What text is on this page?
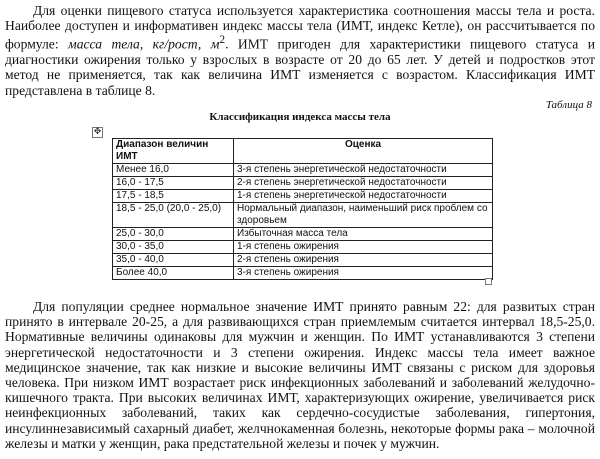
Для оценки пищевого статуса используется характеристика соотношения массы тела и роста. Наиболее доступен и информативен индекс массы тела (ИМТ, индекс Кетле), он рассчитывается по формуле: масса тела, кг/рост, $м^2$. ИМТ пригоден для характеристики пищевого статуса и диагностики ожирения только у взрослых в возрасте от 20 до 65 лет. У детей и подростков этот метод не применяется, так как величина ИМТ изменяется с возрастом. Классификация ИМТ представлена в таблице 8.

Таблица 8
Классификация индекса массы тела
✥
Диапазон величин ИМТ	Оценка
Менее 16,0	3-я степень энергетической недостаточности
16,0 - 17,5	2-я степень энергетической недостаточности
17,5 - 18,5	1-я степень энергетической недостаточности
18,5 - 25,0 (20,0 - 25,0)	Нормальный диапазон, наименьший риск проблем со здоровьем
25,0 - 30,0	Избыточная масса тела
30,0 - 35,0	1-я степень ожирения
35,0 - 40,0	2-я степень ожирения
Более 40,0	3-я степень ожирения

Для популяции среднее нормальное значение ИМТ принято равным 22: для развитых стран принято в интервале 20-25, а для развивающихся стран приемлемым считается интервал 18,5-25,0. Нормативные величины одинаковы для мужчин и женщин. По ИМТ устанавливаются 3 степени энергетической недостаточности и 3 степени ожирения. Индекс массы тела имеет важное медицинское значение, так как низкие и высокие величины ИМТ связаны с риском для здоровья человека. При низком ИМТ возрастает риск инфекционных заболеваний и заболеваний желудочно-кишечного тракта. При высоких величинах ИМТ, характеризующих ожирение, увеличивается риск неинфекционных заболеваний, таких как сердечно-сосудистые заболевания, гипертония, инсулиннезависимый сахарный диабет, желчнокаменная болезнь, некоторые формы рака – молочной железы и матки у женщин, рака предстательной железы и почек у мужчин.
